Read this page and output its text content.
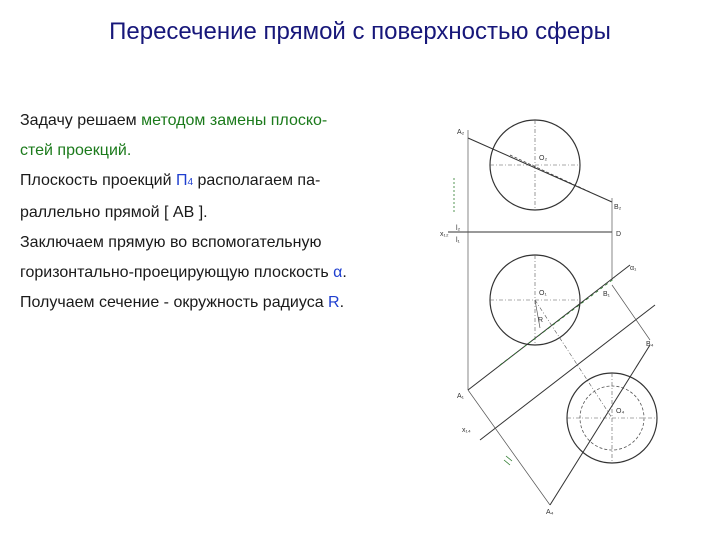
Пересечение прямой с поверхностью сферы

Задачу решаем методом замены плоско-

стей проекций.

Плоскость проекций П4 располагаем па-

раллельно прямой [ АВ ].

Заключаем прямую во вспомогательную

горизонтально-проецирующую плоскость α.

Получаем сечение - окружность радиуса R.

A₂
B₂
O₂
x₁₂
l₂
l₁
D
α₁
O₁	B₁
R
B₄
A₁
x₁₄
O₄
A₄
